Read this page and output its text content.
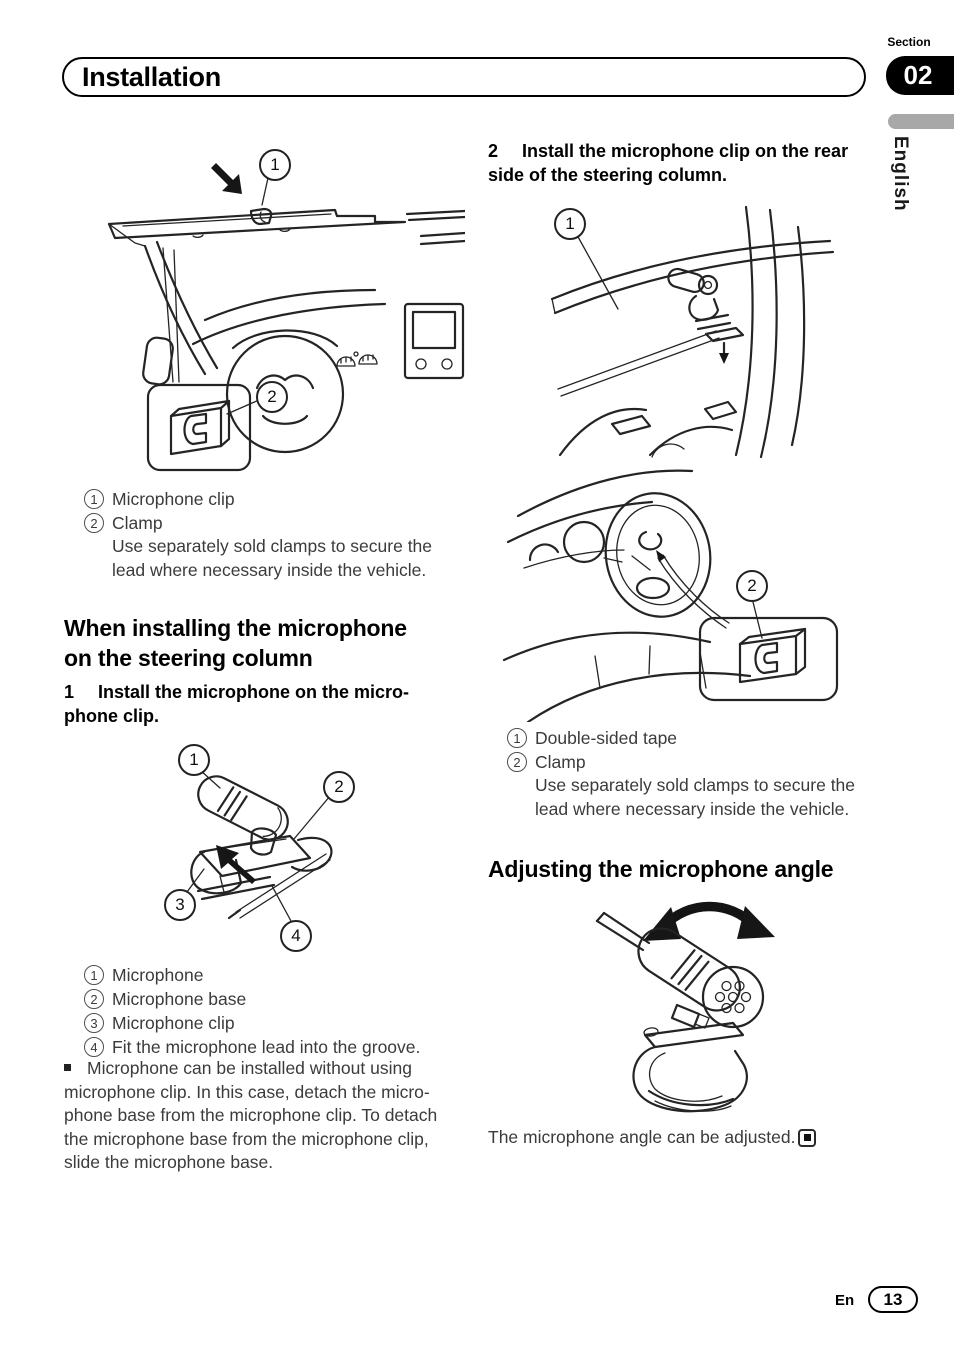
Installation
Section
02
English
1
2
1 Microphone clip
2 Clamp
Use separately sold clamps to secure the
lead where necessary inside the vehicle.
When installing the microphone
on the steering column
1 Install the microphone on the micro-
phone clip.
1
2
3
4
1 Microphone
2 Microphone base
3 Microphone clip
4 Fit the microphone lead into the groove.
Microphone can be installed without using
microphone clip. In this case, detach the micro-
phone base from the microphone clip. To detach
the microphone base from the microphone clip,
slide the microphone base.
2 Install the microphone clip on the rear
side of the steering column.
1
2
1 Double-sided tape
2 Clamp
Use separately sold clamps to secure the
lead where necessary inside the vehicle.
Adjusting the microphone angle
The microphone angle can be adjusted.
En	13
